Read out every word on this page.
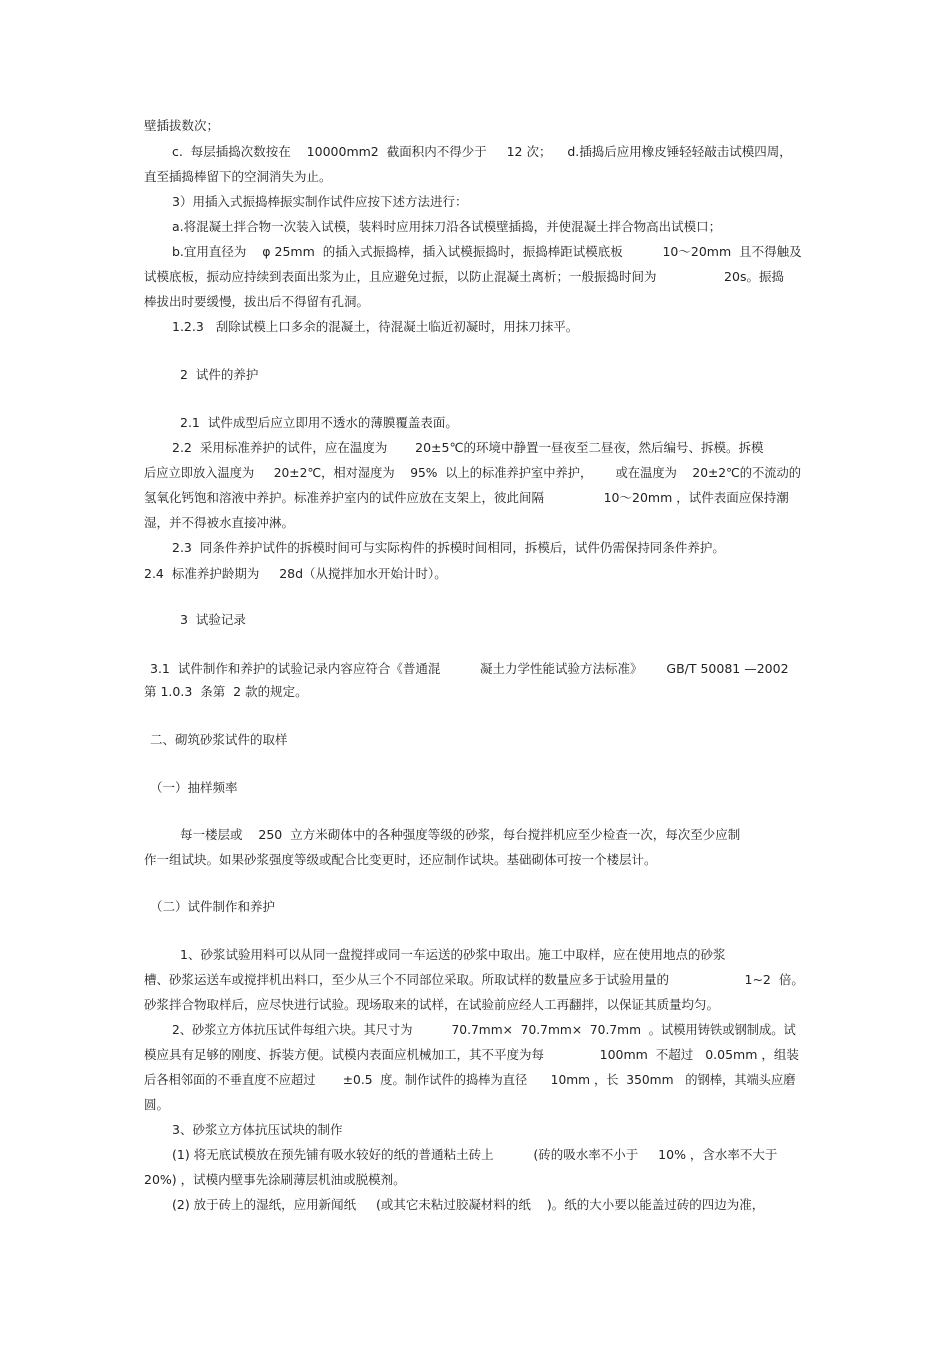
壁插拔数次；

c.  每层插捣次数按在    10000mm2  截面积内不得少于     12 次；    d.插捣后应用橡皮锤轻轻敲击试模四周，

直至插捣棒留下的空洞消失为止。

3）用插入式振捣棒振实制作试件应按下述方法进行：

a.将混凝土拌合物一次装入试模，装料时应用抹刀沿各试模壁插捣，并使混凝土拌合物高出试模口；

b.宜用直径为    φ 25mm  的插入式振捣棒，插入试模振捣时，振捣棒距试模底板          10～20mm  且不得触及

试模底板，振动应持续到表面出浆为止，且应避免过振，以防止混凝土离析；一般振捣时间为                 20s。振捣

棒拔出时要缓慢，拔出后不得留有孔洞。

1.2.3   刮除试模上口多余的混凝土，待混凝土临近初凝时，用抹刀抹平。

2  试件的养护

2.1  试件成型后应立即用不透水的薄膜覆盖表面。

2.2  采用标准养护的试件，应在温度为       20±5℃的环境中静置一昼夜至二昼夜，然后编号、拆模。拆模

后应立即放入温度为     20±2℃，相对湿度为    95%  以上的标准养护室中养护，      或在温度为    20±2℃的不流动的

氢氧化钙饱和溶液中养护。标准养护室内的试件应放在支架上，彼此间隔               10～20mm ，试件表面应保持潮

湿，并不得被水直接冲淋。

2.3  同条件养护试件的拆模时间可与实际构件的拆模时间相同，拆模后，试件仍需保持同条件养护。

2.4  标准养护龄期为     28d（从搅拌加水开始计时）。

3  试验记录

3.1  试件制作和养护的试验记录内容应符合《普通混          凝土力学性能试验方法标准》      GB/T 50081 —2002

第 1.0.3  条第  2 款的规定。

二、砌筑砂浆试件的取样

（一）抽样频率

每一楼层或    250  立方米砌体中的各种强度等级的砂浆，每台搅拌机应至少检查一次，每次至少应制

作一组试块。如果砂浆强度等级或配合比变更时，还应制作试块。基础砌体可按一个楼层计。

（二）试件制作和养护

1、砂浆试验用料可以从同一盘搅拌或同一车运送的砂浆中取出。施工中取样，应在使用地点的砂浆

槽、砂浆运送车或搅拌机出料口，至少从三个不同部位采取。所取试样的数量应多于试验用量的                   1~2  倍。

砂浆拌合物取样后，应尽快进行试验。现场取来的试样，在试验前应经人工再翻拌，以保证其质量均匀。

2、砂浆立方体抗压试件每组六块。其尺寸为          70.7mm×  70.7mm×  70.7mm  。试模用铸铁或钢制成。试

模应具有足够的刚度、拆装方便。试模内表面应机械加工，其不平度为每              100mm  不超过   0.05mm ，组装

后各相邻面的不垂直度不应超过       ±0.5  度。制作试件的捣棒为直径      10mm ，长  350mm   的钢棒，其端头应磨

圆。

3、砂浆立方体抗压试块的制作

(1) 将无底试模放在预先铺有吸水较好的纸的普通粘土砖上          (砖的吸水率不小于     10% ，含水率不大于

20%) ，试模内壁事先涂刷薄层机油或脱模剂。

(2) 放于砖上的湿纸，应用新闻纸     (或其它未粘过胶凝材料的纸    )。纸的大小要以能盖过砖的四边为准，
